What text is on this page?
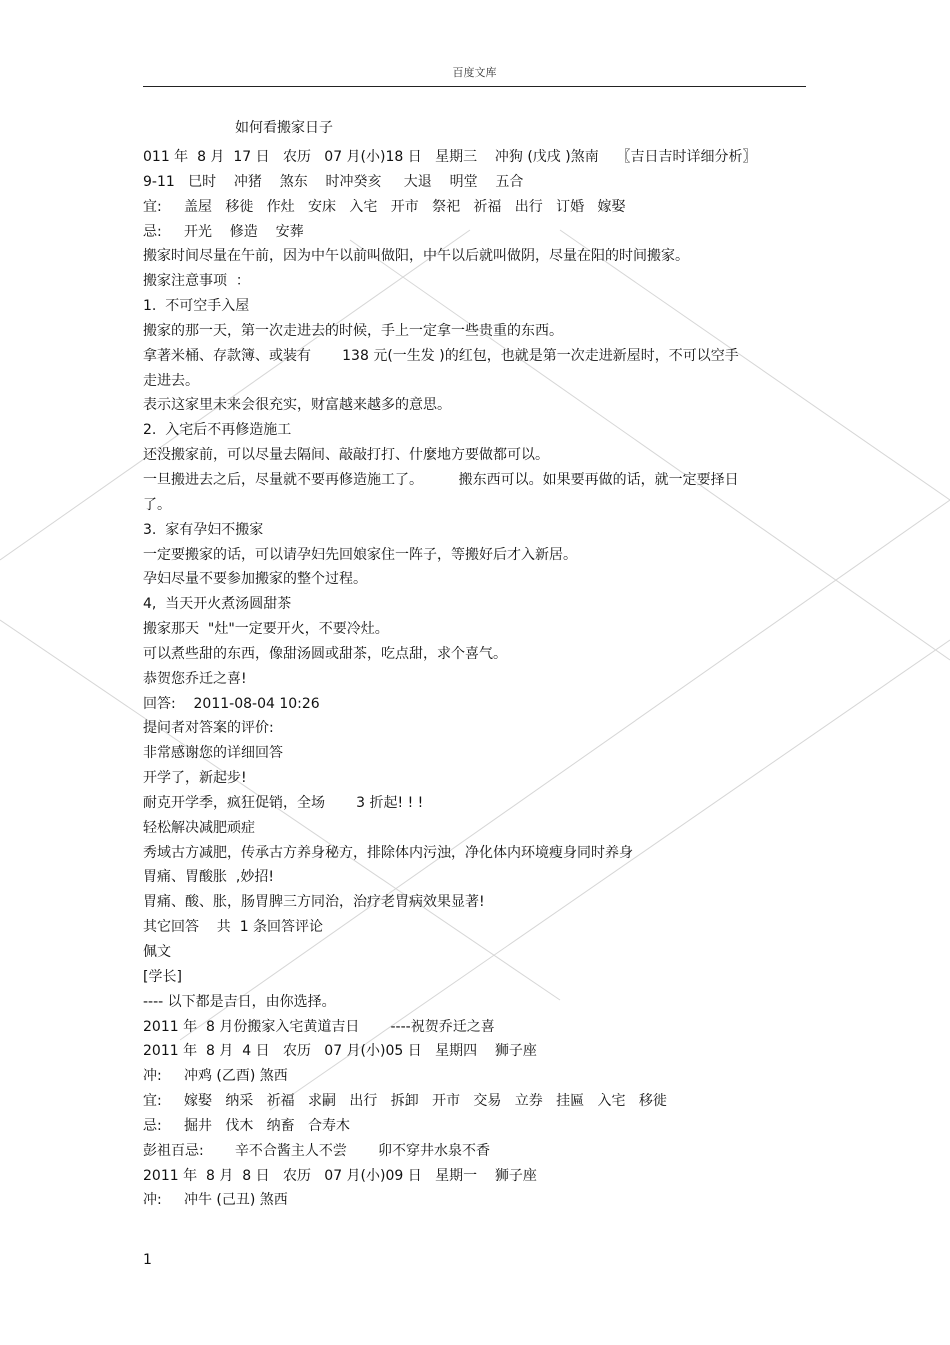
百度文库
如何看搬家日子
011 年  8 月  17 日   农历   07 月(小)18 日   星期三    冲狗 (戊戌 )煞南    〖吉日吉时详细分析〗
9-11   巳时    冲猪    煞东    时冲癸亥     大退    明堂    五合
宜:     盖屋   移徙   作灶   安床   入宅   开市   祭祀   祈福   出行   订婚   嫁娶
忌:     开光    修造    安葬
搬家时间尽量在午前，因为中午以前叫做阳，中午以后就叫做阴，尽量在阳的时间搬家。
搬家注意事项  ：
1.  不可空手入屋
搬家的那一天，第一次走进去的时候，手上一定拿一些贵重的东西。
拿著米桶、存款簿、或装有       138 元(一生发 )的红包，也就是第一次走进新屋时，不可以空手
走进去。
表示这家里未来会很充实，财富越来越多的意思。
2.  入宅后不再修造施工
还没搬家前，可以尽量去隔间、敲敲打打、什麼地方要做都可以。
一旦搬进去之后，尽量就不要再修造施工了。        搬东西可以。如果要再做的话，就一定要择日
了。
3.  家有孕妇不搬家
一定要搬家的话，可以请孕妇先回娘家住一阵子，等搬好后才入新居。
孕妇尽量不要参加搬家的整个过程。
4,  当天开火煮汤圆甜茶
搬家那天  "灶"一定要开火，不要冷灶。
可以煮些甜的东西，像甜汤圆或甜茶，吃点甜，求个喜气。
恭贺您乔迁之喜!
回答:    2011-08-04 10:26
提问者对答案的评价:
非常感谢您的详细回答
开学了，新起步!
耐克开学季，疯狂促销，全场       3 折起! ! !
轻松解决减肥顽症
秀域古方减肥，传承古方养身秘方，排除体内污浊，净化体内环境瘦身同时养身
胃痛、胃酸胀  ,妙招!
胃痛、酸、胀，肠胃脾三方同治，治疗老胃病效果显著!
其它回答    共  1 条回答评论
佩文
[学长]
---- 以下都是吉日，由你选择。
2011 年  8 月份搬家入宅黄道吉日       ----祝贺乔迁之喜
2011 年  8 月  4 日   农历   07 月(小)05 日   星期四    狮子座
冲:     冲鸡 (乙酉) 煞西
宜:     嫁娶   纳采   祈福   求嗣   出行   拆卸   开市   交易   立券   挂匾   入宅   移徙
忌:     掘井   伐木   纳畜   合寿木
彭祖百忌:       辛不合酱主人不尝       卯不穿井水泉不香
2011 年  8 月  8 日   农历   07 月(小)09 日   星期一    狮子座
冲:     冲牛 (己丑) 煞西
1
